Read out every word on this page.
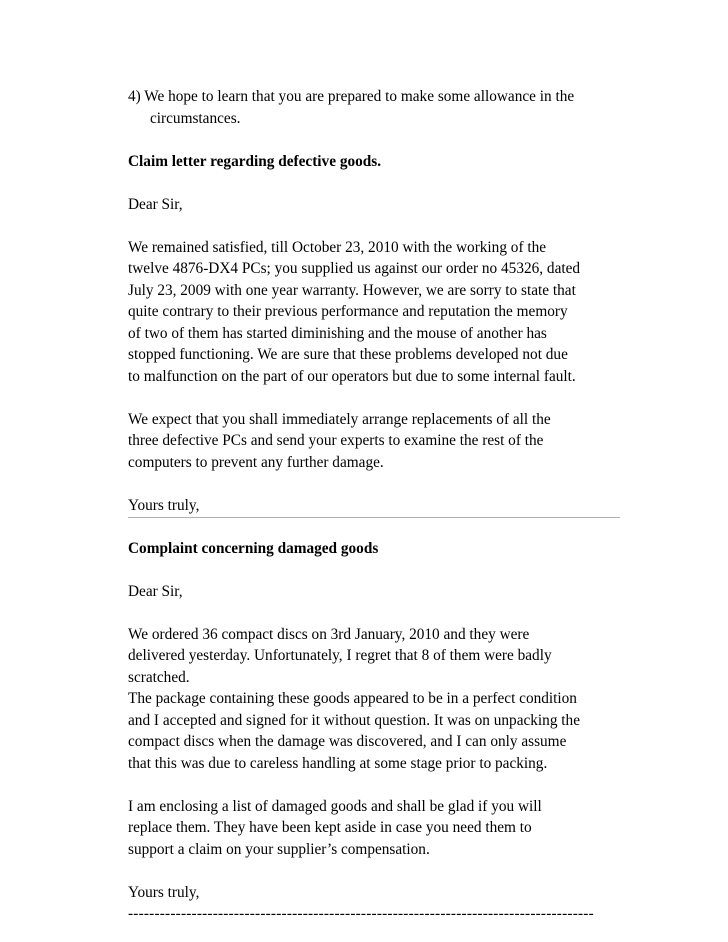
4) We hope to learn that you are prepared to make some allowance in the
circumstances.
Claim letter regarding defective goods.
Dear Sir,
We remained satisfied, till October 23, 2010 with the working of the
twelve 4876-DX4 PCs; you supplied us against our order no 45326, dated
July 23, 2009 with one year warranty. However, we are sorry to state that
quite contrary to their previous performance and reputation the memory
of two of them has started diminishing and the mouse of another has
stopped functioning. We are sure that these problems developed not due
to malfunction on the part of our operators but due to some internal fault.
We expect that you shall immediately arrange replacements of all the
three defective PCs and send your experts to examine the rest of the
computers to prevent any further damage.
Yours truly,
Complaint concerning damaged goods
Dear Sir,
We ordered 36 compact discs on 3rd January, 2010 and they were
delivered yesterday. Unfortunately, I regret that 8 of them were badly
scratched.
The package containing these goods appeared to be in a perfect condition
and I accepted and signed for it without question. It was on unpacking the
compact discs when the damage was discovered, and I can only assume
that this was due to careless handling at some stage prior to packing.
I am enclosing a list of damaged goods and shall be glad if you will
replace them. They have been kept aside in case you need them to
support a claim on your supplier’s compensation.
Yours truly,
----------------------------------------------------------------------------------------
